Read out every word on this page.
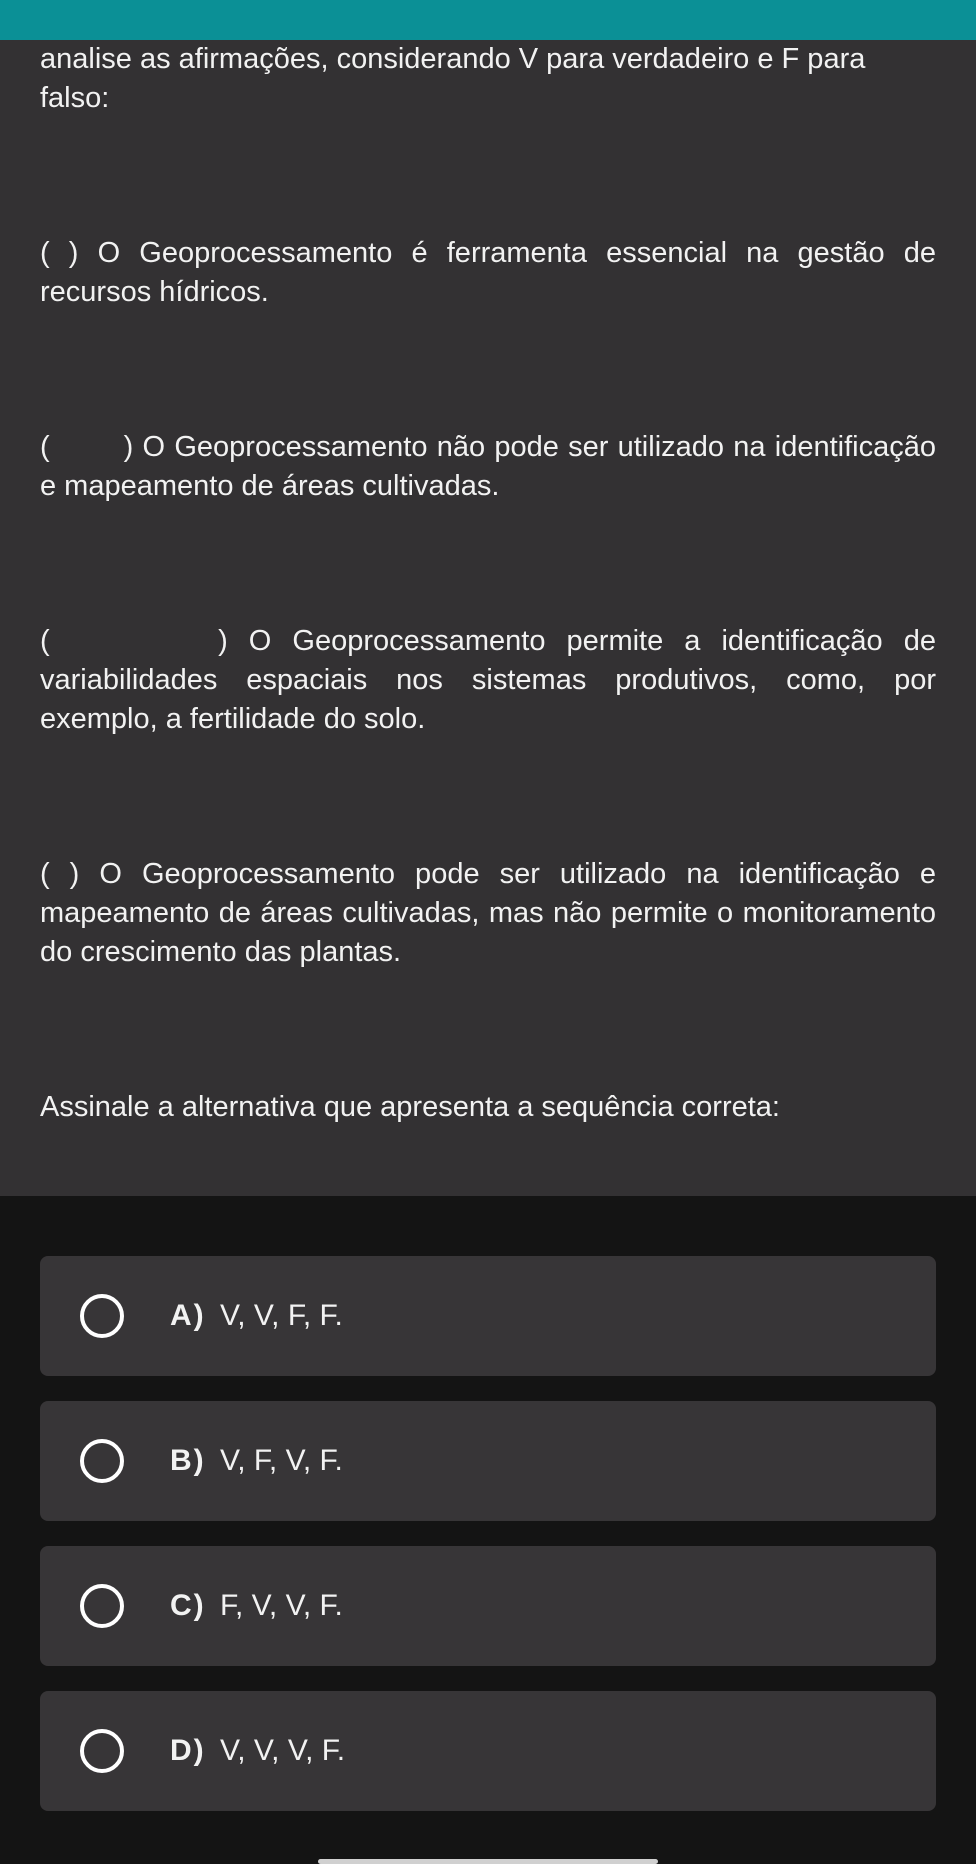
analise as afirmações, considerando V para verdadeiro e F para falso:

( ) O Geoprocessamento é ferramenta essencial na gestão de recursos hídricos.

(        ) O Geoprocessamento não pode ser utilizado na identificação e mapeamento de áreas cultivadas.

(        ) O Geoprocessamento permite a identificação de variabilidades espaciais nos sistemas produtivos, como, por exemplo, a fertilidade do solo.

( ) O Geoprocessamento pode ser utilizado na identificação e mapeamento de áreas cultivadas, mas não permite o monitoramento do crescimento das plantas.

Assinale a alternativa que apresenta a sequência correta:

A) V, V, F, F.
B) V, F, V, F.
C) F, V, V, F.
D) V, V, V, F.
